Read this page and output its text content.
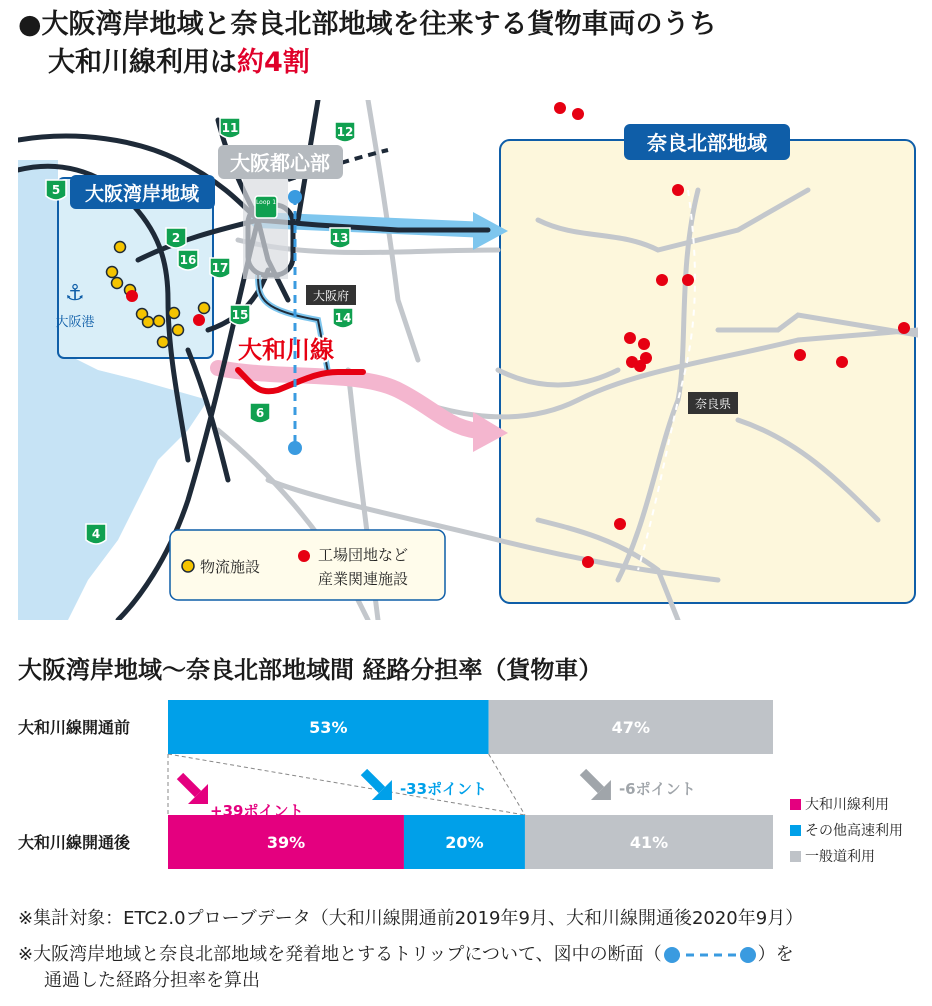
●大阪湾岸地域と奈良北部地域を往来する貨物車両のうち
大和川線利用は約4割
大阪都心部
大和川線
大阪湾岸地域
奈良北部地域
⚓
大阪港
大阪府
奈良県
11	12
5
2
16
17
15	14
13
6
4
Loop 1
物流施設
工場団地など
産業関連施設
大阪湾岸地域～奈良北部地域間 経路分担率（貨物車）
53%	47%
39%	20%	41%
大和川線開通前
大和川線開通後
+39ポイント
-33ポイント	-6ポイント
大和川線利用
その他高速利用
一般道利用
※集計対象：ETC2.0プローブデータ（大和川線開通前2019年9月、大和川線開通後2020年9月）
※大阪湾岸地域と奈良北部地域を発着地とするトリップについて、図中の断面（	）を
通過した経路分担率を算出
